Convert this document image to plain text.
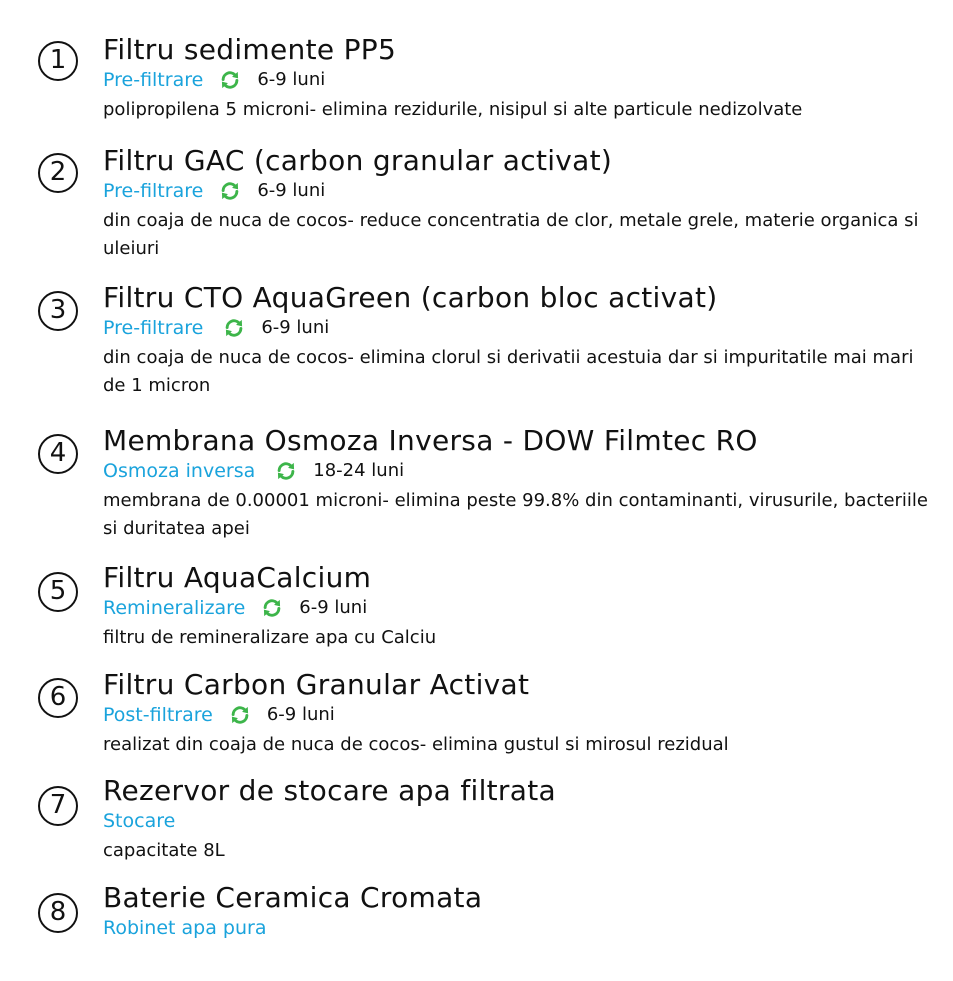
1	Filtru sedimente PP5
Pre-filtrare	6-9 luni
polipropilena 5 microni- elimina rezidurile, nisipul si alte particule nedizolvate
2	Filtru GAC (carbon granular activat)
Pre-filtrare	6-9 luni
din coaja de nuca de cocos- reduce concentratia de clor, metale grele, materie organica si uleiuri
3	Filtru CTO AquaGreen (carbon bloc activat)
Pre-filtrare	6-9 luni
din coaja de nuca de cocos- elimina clorul si derivatii acestuia dar si impuritatile mai mari de 1 micron
4	Membrana Osmoza Inversa - DOW Filmtec RO
Osmoza inversa	18-24 luni
membrana de 0.00001 microni- elimina peste 99.8% din contaminanti, virusurile, bacteriile si duritatea apei
5	Filtru AquaCalcium
Remineralizare	6-9 luni
filtru de remineralizare apa cu Calciu
6	Filtru Carbon Granular Activat
Post-filtrare	6-9 luni
realizat din coaja de nuca de cocos- elimina gustul si mirosul rezidual
7	Rezervor de stocare apa filtrata
Stocare
capacitate 8L
8	Baterie Ceramica Cromata
Robinet apa pura
